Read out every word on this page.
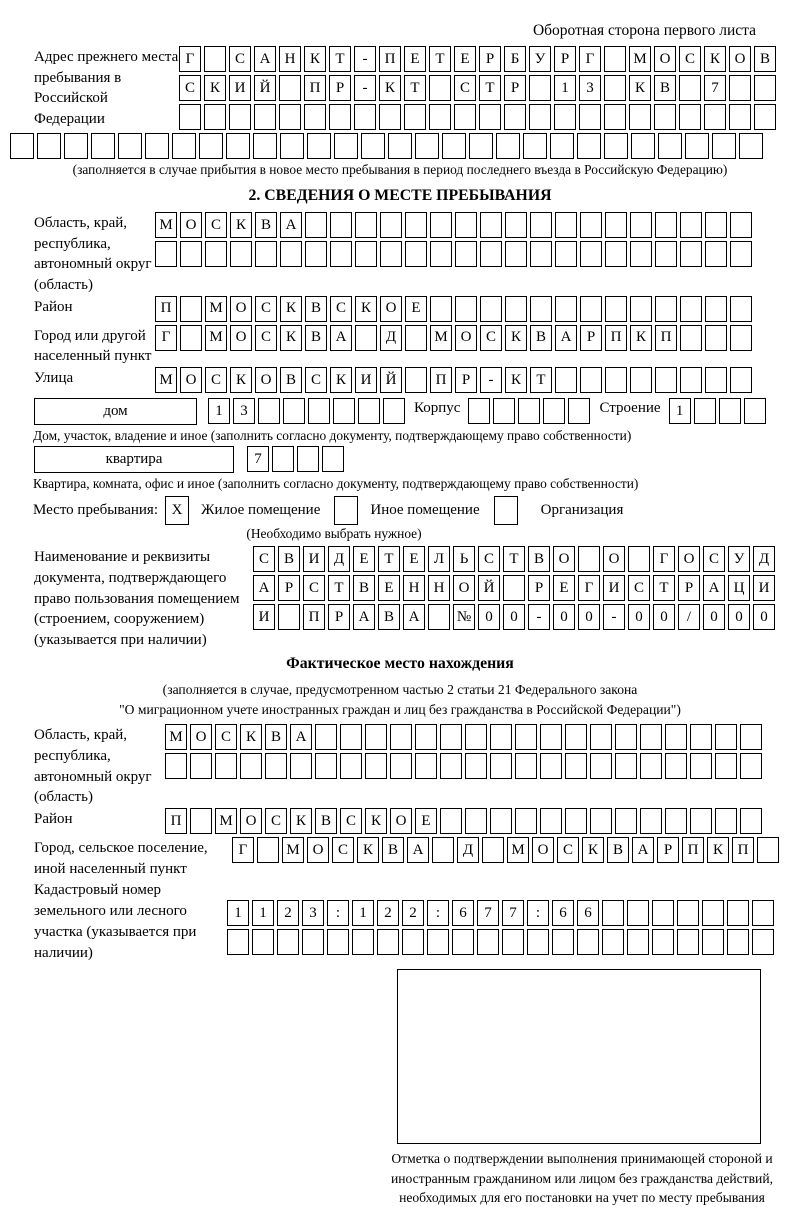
Оборотная сторона первого листа
Адрес прежнего места пребывания в Российской Федерации
Г	С А Н К	Т	-	П Е	Т	Е	Р	Б	У	Р	Г	М О С К О В
С К И Й	П	Р	-	К	Т	С	Т	Р	1	3	К В	7
(заполняется в случае прибытия в новое место пребывания в период последнего въезда в Российскую Федерацию)
2. СВЕДЕНИЯ О МЕСТЕ ПРЕБЫВАНИЯ
Область, край, республика, автономный округ (область)
М О С К В А
Район	П	М О С К В С К О Е
Город или другой населенный пункт
Г	М О С К В А	Д	М О С К В А	Р	П К П
Улица	М О С К О В С К И Й	П	Р	-	К	Т
дом	1	3	Корпус	Строение	1
Дом, участок, владение и иное (заполнить согласно документу, подтверждающему право собственности)
квартира	7
Квартира, комната, офис и иное (заполнить согласно документу, подтверждающему право собственности)
Место пребывания: X	Жилое помещение	Иное помещение	Организация
(Необходимо выбрать нужное)
Наименование и реквизиты документа, подтверждающего право пользования помещением (строением, сооружением) (указывается при наличии)
С В И Д	Е	Т	Е	Л	Ь	С	Т	В О	О	Г	О С У Д
А	Р	С	Т	В	Е	Н Н О Й	Р	Е	Г	И С	Т	Р	А Ц И
И	П	Р	А В А	№ 0	0	-	0	0	-	0	0	/	0	0	0
Фактическое место нахождения
(заполняется в случае, предусмотренном частью 2 статьи 21 Федерального закона
"О миграционном учете иностранных граждан и лиц без гражданства в Российской Федерации")
Область, край, республика, автономный округ (область)
М О С К В А
Район	П	М О С К В С К О Е
Город, сельское поселение, иной населенный пункт
Г	М О С К В А	Д	М О С К В А	Р	П К П
Кадастровый номер земельного или лесного участка (указывается при наличии)
1	1	2	3	:	1	2	2	:	6	7	7	:	6	6
Отметка о подтверждении выполнения принимающей стороной и иностранным гражданином или лицом без гражданства действий, необходимых для его постановки на учет по месту пребывания
